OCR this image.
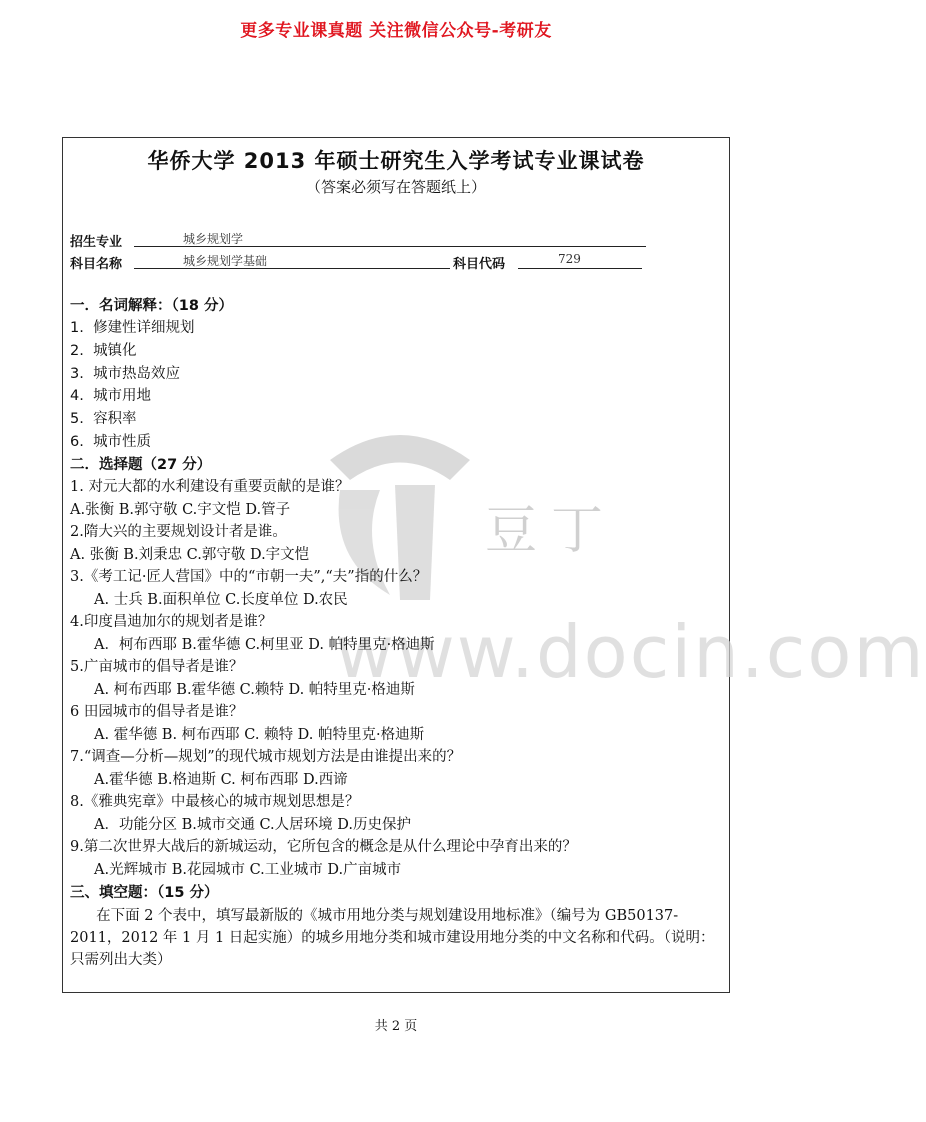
更多专业课真题 关注微信公众号-考研友
豆丁
www.docin.com
华侨大学 2013 年硕士研究生入学考试专业课试卷
（答案必须写在答题纸上）
招生专业	城乡规划学
科目名称	城乡规划学基础	科目代码	729
一．名词解释：（18 分）
1. 修建性详细规划
2. 城镇化
3. 城市热岛效应
4. 城市用地
5. 容积率
6. 城市性质
二．选择题（27 分）
1. 对元大都的水利建设有重要贡献的是谁？
A.张衡 B.郭守敬 C.宇文恺 D.管子
2.隋大兴的主要规划设计者是谁。
A. 张衡 B.刘秉忠 C.郭守敬 D.宇文恺
3.《考工记·匠人营国》中的“市朝一夫”,“夫”指的什么？
A. 士兵 B.面积单位 C.长度单位 D.农民
4.印度昌迪加尔的规划者是谁？
A．柯布西耶 B.霍华德 C.柯里亚 D. 帕特里克·格迪斯
5.广亩城市的倡导者是谁？
A. 柯布西耶 B.霍华德 C.赖特 D. 帕特里克·格迪斯
6 田园城市的倡导者是谁？
A. 霍华德 B. 柯布西耶 C. 赖特 D. 帕特里克·格迪斯
7.“调查—分析—规划”的现代城市规划方法是由谁提出来的？
A.霍华德 B.格迪斯 C. 柯布西耶 D.西谛
8.《雅典宪章》中最核心的城市规划思想是？
A．功能分区 B.城市交通 C.人居环境 D.历史保护
9.第二次世界大战后的新城运动，它所包含的概念是从什么理论中孕育出来的？
A.光辉城市 B.花园城市 C.工业城市 D.广亩城市
三、填空题：（15 分）
在下面 2 个表中，填写最新版的《城市用地分类与规划建设用地标准》（编号为 GB50137-2011，2012 年 1 月 1 日起实施）的城乡用地分类和城市建设用地分类的中文名称和代码。（说明：只需列出大类）
共 2 页
